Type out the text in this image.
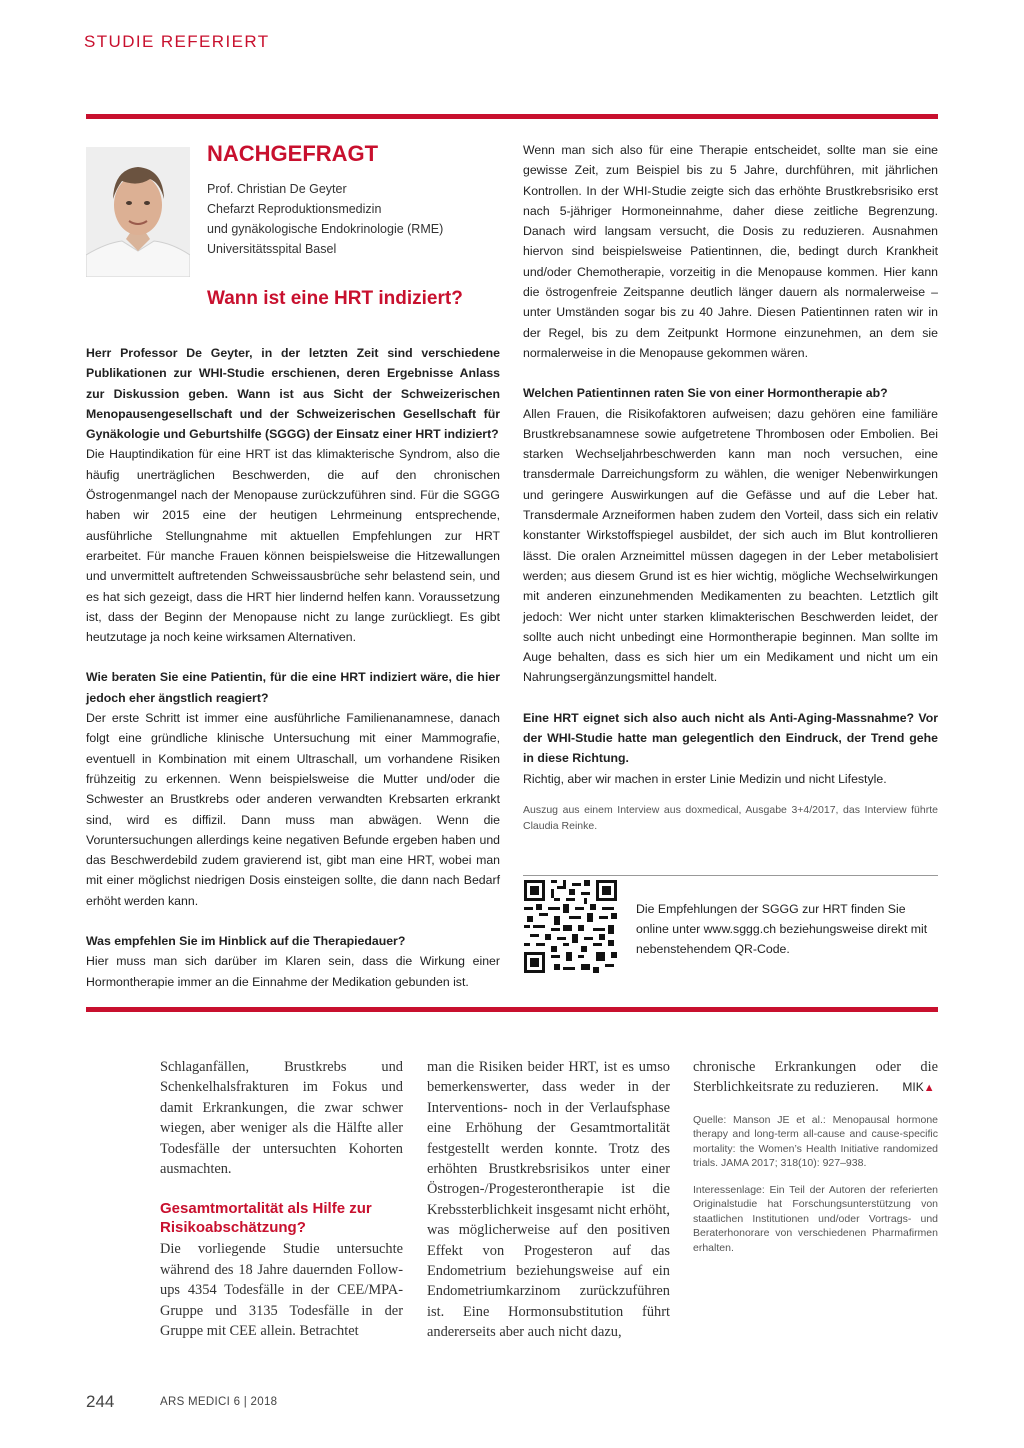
STUDIE REFERIERT
NACHGEFRAGT
Prof. Christian De Geyter
Chefarzt Reproduktionsmedizin
und gynäkologische Endokrinologie (RME)
Universitätsspital Basel
Wann ist eine HRT indiziert?

Herr Professor De Geyter, in der letzten Zeit sind verschiedene Publikationen zur WHI-Studie erschienen, deren Ergebnisse Anlass zur Diskussion geben. Wann ist aus Sicht der Schweizerischen Menopausengesellschaft und der Schweizerischen Gesellschaft für Gynäkologie und Geburtshilfe (SGGG) der Einsatz einer HRT indiziert?

Die Hauptindikation für eine HRT ist das klimakterische Syndrom, also die häufig unerträglichen Beschwerden, die auf den chronischen Östrogenmangel nach der Menopause zurückzuführen sind. Für die SGGG haben wir 2015 eine der heutigen Lehrmeinung entsprechende, ausführliche Stellungnahme mit aktuellen Empfehlungen zur HRT erarbeitet. Für manche Frauen können beispielsweise die Hitzewallungen und unvermittelt auftretenden Schweissausbrüche sehr belastend sein, und es hat sich gezeigt, dass die HRT hier lindernd helfen kann. Voraussetzung ist, dass der Beginn der Menopause nicht zu lange zurückliegt. Es gibt heutzutage ja noch keine wirksamen Alternativen.

Wie beraten Sie eine Patientin, für die eine HRT indiziert wäre, die hier jedoch eher ängstlich reagiert?

Der erste Schritt ist immer eine ausführliche Familienanamnese, danach folgt eine gründliche klinische Untersuchung mit einer Mammografie, eventuell in Kombination mit einem Ultraschall, um vorhandene Risiken frühzeitig zu erkennen. Wenn beispielsweise die Mutter und/oder die Schwester an Brustkrebs oder anderen verwandten Krebsarten erkrankt sind, wird es diffizil. Dann muss man abwägen. Wenn die Voruntersuchungen allerdings keine negativen Befunde ergeben haben und das Beschwerdebild zudem gravierend ist, gibt man eine HRT, wobei man mit einer möglichst niedrigen Dosis einsteigen sollte, die dann nach Bedarf erhöht werden kann.

Was empfehlen Sie im Hinblick auf die Therapiedauer?

Hier muss man sich darüber im Klaren sein, dass die Wirkung einer Hormontherapie immer an die Einnahme der Medikation gebunden ist.

Wenn man sich also für eine Therapie entscheidet, sollte man sie eine gewisse Zeit, zum Beispiel bis zu 5 Jahre, durchführen, mit jährlichen Kontrollen. In der WHI-Studie zeigte sich das erhöhte Brustkrebsrisiko erst nach 5-jähriger Hormoneinnahme, daher diese zeitliche Begrenzung. Danach wird langsam versucht, die Dosis zu reduzieren. Ausnahmen hiervon sind beispielsweise Patientinnen, die, bedingt durch Krankheit und/oder Chemotherapie, vorzeitig in die Menopause kommen. Hier kann die östrogenfreie Zeitspanne deutlich länger dauern als normalerweise – unter Umständen sogar bis zu 40 Jahre. Diesen Patientinnen raten wir in der Regel, bis zu dem Zeitpunkt Hormone einzunehmen, an dem sie normalerweise in die Menopause gekommen wären.

Welchen Patientinnen raten Sie von einer Hormontherapie ab?

Allen Frauen, die Risikofaktoren aufweisen; dazu gehören eine familiäre Brustkrebsanamnese sowie aufgetretene Thrombosen oder Embolien. Bei starken Wechseljahrbeschwerden kann man noch versuchen, eine transdermale Darreichungsform zu wählen, die weniger Nebenwirkungen und geringere Auswirkungen auf die Gefässe und auf die Leber hat. Transdermale Arzneiformen haben zudem den Vorteil, dass sich ein relativ konstanter Wirkstoffspiegel ausbildet, der sich auch im Blut kontrollieren lässt. Die oralen Arzneimittel müssen dagegen in der Leber metabolisiert werden; aus diesem Grund ist es hier wichtig, mögliche Wechselwirkungen mit anderen einzunehmenden Medikamenten zu beachten. Letztlich gilt jedoch: Wer nicht unter starken klimakterischen Beschwerden leidet, der sollte auch nicht unbedingt eine Hormontherapie beginnen. Man sollte im Auge behalten, dass es sich hier um ein Medikament und nicht um ein Nahrungsergänzungsmittel handelt.

Eine HRT eignet sich also auch nicht als Anti-Aging-Massnahme? Vor der WHI-Studie hatte man gelegentlich den Eindruck, der Trend gehe in diese Richtung.

Richtig, aber wir machen in erster Linie Medizin und nicht Lifestyle.

Auszug aus einem Interview aus doxmedical, Ausgabe 3+4/2017, das Interview führte Claudia Reinke.
Die Empfehlungen der SGGG zur HRT finden Sie online unter www.sggg.ch beziehungsweise direkt mit nebenstehendem QR-Code.

Schlaganfällen, Brustkrebs und Schenkelhalsfrakturen im Fokus und damit Erkrankungen, die zwar schwer wiegen, aber weniger als die Hälfte aller Todesfälle der untersuchten Kohorten ausmachten.

Gesamtmortalität als Hilfe zur Risikoabschätzung?

Die vorliegende Studie untersuchte während des 18 Jahre dauernden Follow-ups 4354 Todesfälle in der CEE/MPA-Gruppe und 3135 Todesfälle in der Gruppe mit CEE allein. Betrachtet

man die Risiken beider HRT, ist es umso bemerkenswerter, dass weder in der Interventions- noch in der Verlaufsphase eine Erhöhung der Gesamtmortalität festgestellt werden konnte. Trotz des erhöhten Brustkrebsrisikos unter einer Östrogen-/Progesterontherapie ist die Krebssterblichkeit insgesamt nicht erhöht, was möglicherweise auf den positiven Effekt von Progesteron auf das Endometrium beziehungsweise auf ein Endometriumkarzinom zurückzuführen ist. Eine Hormonsubstitution führt andererseits aber auch nicht dazu,

chronische Erkrankungen oder die Sterblichkeitsrate zu reduzieren. MIK▲

Quelle: Manson JE et al.: Menopausal hormone therapy and long-term all-cause and cause-specific mortality: the Women’s Health Initiative randomized trials. JAMA 2017; 318(10): 927–938.

Interessenlage: Ein Teil der Autoren der referierten Originalstudie hat Forschungsunterstützung von staatlichen Institutionen und/oder Vortrags- und Beraterhonorare von verschiedenen Pharmafirmen erhalten.

244	ARS MEDICI 6 | 2018
